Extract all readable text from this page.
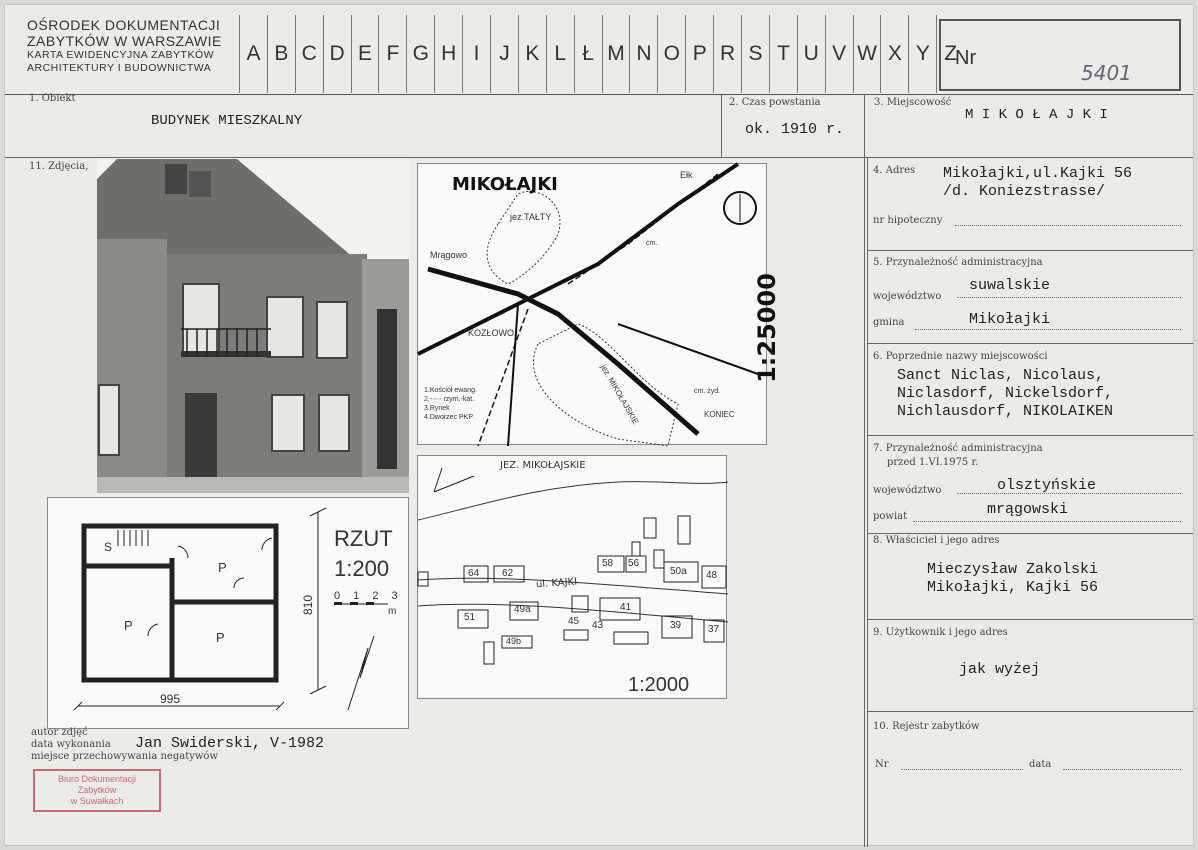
OŚRODEK DOKUMENTACJI
ZABYTKÓW W WARSZAWIE
KARTA EWIDENCYJNA ZABYTKÓW
ARCHITEKTURY I BUDOWNICTWA
A B C D E F G H I J K L Ł M N O P R S T U V W X Y Z
Nr
5401
1. Obiekt
BUDYNEK MIESZKALNY
2. Czas powstania
ok. 1910 r.
3. Miejscowość
M I K O Ł A J K I
11. Zdjęcia,
RZUT
1:200
0 1 2 3
m
P
P
P
S
995
810
MIKOŁAJKI
1:25000
jez.TAŁTY
Mrągowo
KOZŁOWO
Ełk
jez. MIKOŁAJSKIE	KONIEC
cm.
cm. żyd.
1.Kościół ewang.
2.-·-·- rzym.-kat.
3.Rynek
4.Dworzec PKP
JEZ. MIKOŁAJSKIE
ul. KAJKI
1:2000
64 62
58 56
50a 48
51
49a
45 43
41
39	37
49b
autor zdjęć
data wykonania Jan Swiderski, V-1982
miejsce przechowywania negatywów
Biuro Dokumentacji Zabytków
w Suwałkach
4. Adres Mikołajki,ul.Kajki 56
/d. Koniezstrasse/
nr hipoteczny
5. Przynależność administracyjna
województwo
suwalskie
gmina	Mikołajki
6. Poprzednie nazwy miejscowości
Sanct Niclas, Nicolaus,
Niclasdorf, Nickelsdorf,
Nichlausdorf, NIKOLAIKEN
7. Przynależność administracyjna
przed 1.VI.1975 r.
województwo	olsztyńskie
powiat	mrągowski
8. Właściciel i jego adres
Mieczysław Zakolski
Mikołajki, Kajki 56
9. Użytkownik i jego adres
jak wyżej
10. Rejestr zabytków
Nr	data
